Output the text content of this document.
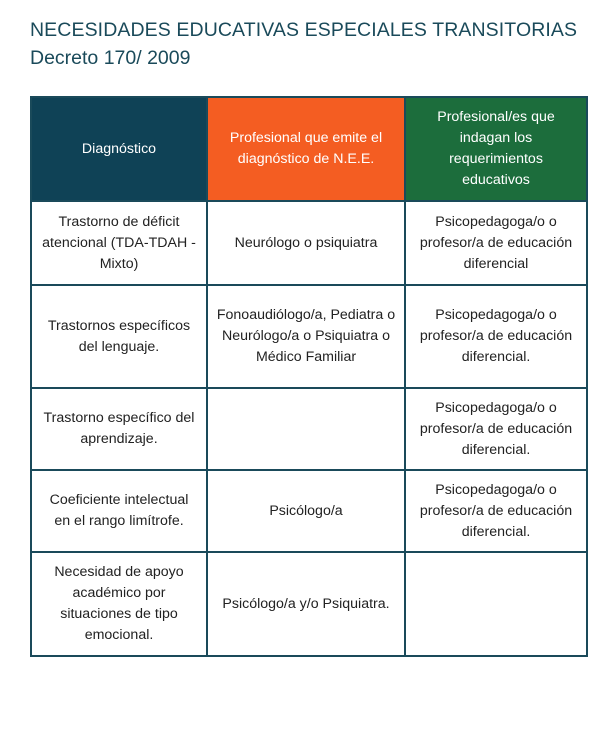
NECESIDADES EDUCATIVAS ESPECIALES TRANSITORIAS
Decreto 170/ 2009
Diagnóstico	Profesional que emite el diagnóstico de N.E.E.	Profesional/es que indagan los requerimientos educativos
Trastorno de déficit atencional (TDA-TDAH - Mixto)	Neurólogo o psiquiatra	Psicopedagoga/o o profesor/a de educación diferencial
Trastornos específicos del lenguaje.	Fonoaudiólogo/a, Pediatra o Neurólogo/a o Psiquiatra o Médico Familiar	Psicopedagoga/o o profesor/a de educación diferencial.
Trastorno específico del aprendizaje.		Psicopedagoga/o o profesor/a de educación diferencial.
Coeficiente intelectual en el rango limítrofe.	Psicólogo/a	Psicopedagoga/o o profesor/a de educación diferencial.
Necesidad de apoyo académico por situaciones de tipo emocional.	Psicólogo/a y/o Psiquiatra.	
